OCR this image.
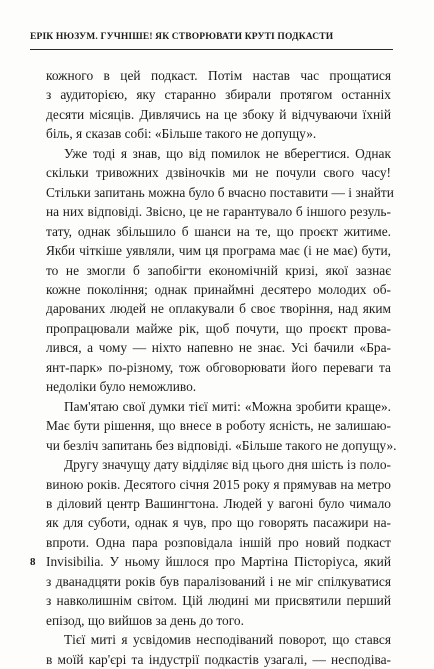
ЕРІК НЮЗУМ. ГУЧНІШЕ! ЯК СТВОРЮВАТИ КРУТІ ПОДКАСТИ
кожного в цей подкаст. Потім настав час прощатися
з аудиторією, яку старанно збирали протягом останніх
десяти місяців. Дивлячись на це збоку й відчуваючи їхній
біль, я сказав собі: «Більше такого не допущу».
Уже тоді я знав, що від помилок не вберегтися. Однак
скільки тривожних дзвіночків ми не почули свого часу!
Стільки запитань можна було б вчасно поставити — і знайти
на них відповіді. Звісно, це не гарантувало б іншого резуль-
тату, однак збільшило б шанси на те, що проєкт житиме.
Якби чіткіше уявляли, чим ця програма має (і не має) бути,
то не змогли б запобігти економічній кризі, якої зазнає
кожне покоління; однак принаймні десятеро молодих об-
дарованих людей не оплакували б своє творіння, над яким
пропрацювали майже рік, щоб почути, що проєкт прова-
лився, а чому — ніхто напевно не знає. Усі бачили «Бра-
янт-парк» по-різному, тож обговорювати його переваги та
недоліки було неможливо.
Пам'ятаю свої думки тієї миті: «Можна зробити краще».
Має бути рішення, що внесе в роботу ясність, не залишаю-
чи безліч запитань без відповіді. «Більше такого не допущу».
Другу значущу дату відділяє від цього дня шість із поло-
виною років. Десятого січня 2015 року я прямував на метро
в діловий центр Вашингтона. Людей у вагоні було чимало
як для суботи, однак я чув, про що говорять пасажири на-
впроти. Одна пара розповідала іншій про новий подкаст
Invisibilia. У ньому йшлося про Мартіна Пісторіуса, який
з дванадцяти років був паралізований і не міг спілкуватися
з навколишнім світом. Цій людині ми присвятили перший
епізод, що вийшов за день до того.
Тієї миті я усвідомив несподіваний поворот, що стався
в моїй кар'єрі та індустрії подкастів узагалі, — несподіва-
8
